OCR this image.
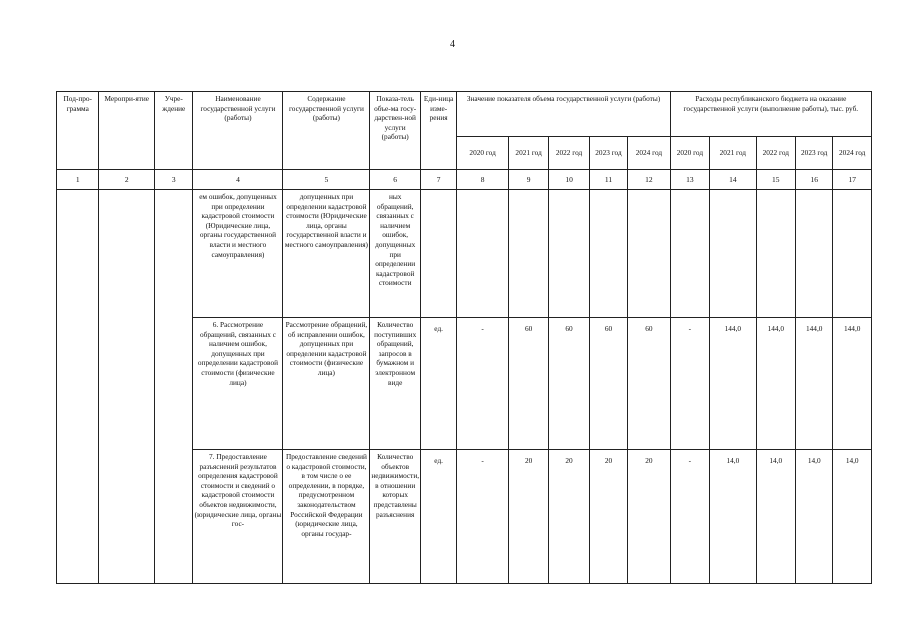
4
Под-про-грамма	Меропри-ятие	Учре-ждение	Наименование государственной услуги (работы)	Содержание государственной услуги (работы)	Показа-тель объе-ма госу-дарствен-ной услуги (работы)	Еди-ница изме-рения	Значение показателя объема государственной услуги (работы)					Расходы республиканского бюджета на оказание государственной услуги (выполнение работы), тыс. руб.				
							2020 год	2021 год	2022 год	2023 год	2024 год	2020 год	2021 год	2022 год	2023 год	2024 год
1	2	3	4	5	6	7	8	9	10	11	12	13	14	15	16	17
			ем ошибок, допущенных при определении кадастровой стоимости (Юридические лица, органы государственной власти и местного самоуправления)	допущенных при определении кадастровой стоимости (Юридические лица, органы государственной власти и местного самоуправления)	ных обращений, связанных с наличием ошибок, допущенных при определении кадастровой стоимости											
			6. Рассмотрение обращений, связанных с наличием ошибок, допущенных при определении кадастровой стоимости (физические лица)	Рассмотрение обращений, об исправлении ошибок, допущенных при определении кадастровой стоимости (физические лица)	Количество поступивших обращений, запросов в бумажном и электронном виде	ед.	-	60	60	60	60	-	144,0	144,0	144,0	144,0
			7. Предоставление разъяснений результатов определения кадастровой стоимости и сведений о кадастровой стоимости объектов недвижимости, (юридические лица, органы гос-	Предоставление сведений о кадастровой стоимости, в том числе о ее определении, в порядке, предусмотренном законодательством Российской Федерации (юридические лица, органы государ-	Количество объектов недвижимости, в отношении которых представлены разъяснения	ед.	-	20	20	20	20	-	14,0	14,0	14,0	14,0
